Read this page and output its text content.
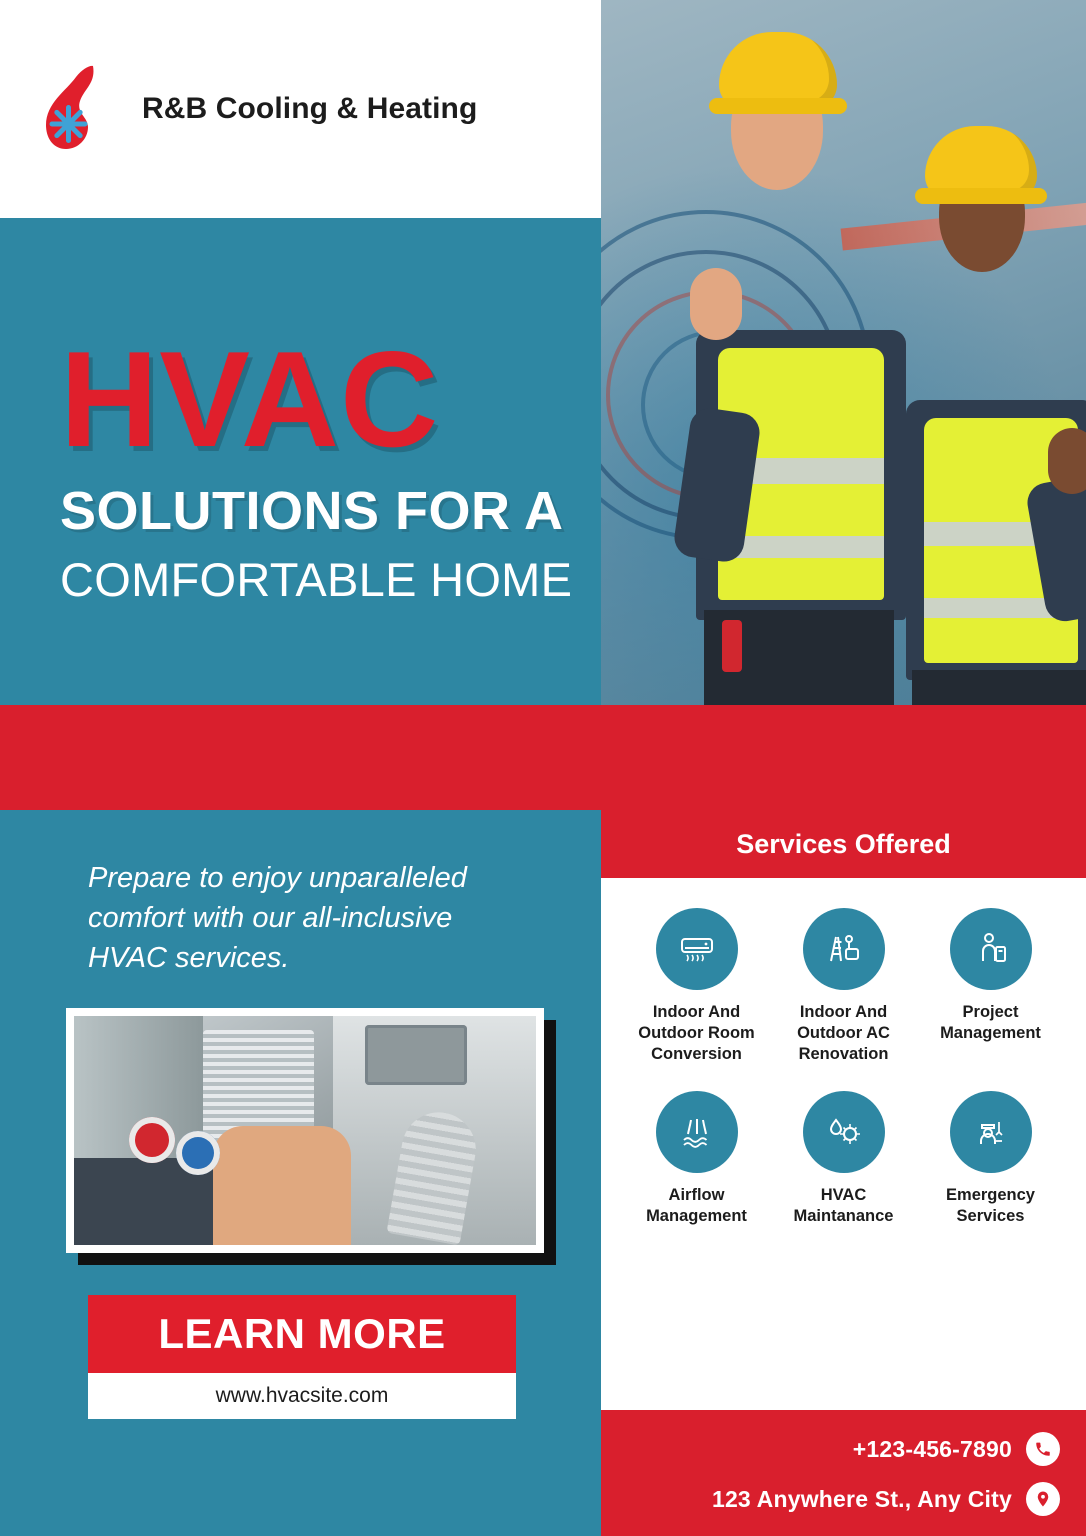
R&B Cooling & Heating
HVAC
SOLUTIONS FOR A
COMFORTABLE HOME
Prepare to enjoy unparalleled comfort with our all-inclusive HVAC services.
LEARN MORE
www.hvacsite.com
Services Offered
Indoor And Outdoor Room Conversion
Indoor And Outdoor AC Renovation
Project Management
Airflow Management
HVAC Maintanance
Emergency Services
+123-456-7890
123 Anywhere St., Any City
